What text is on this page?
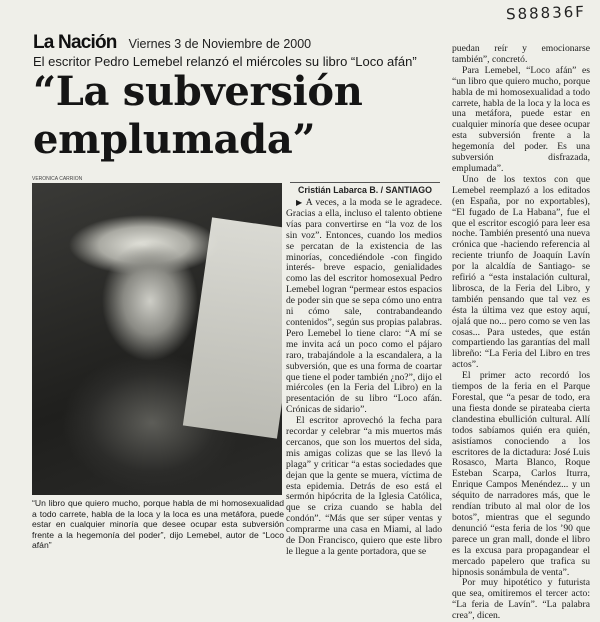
S88836F
La Nación Viernes 3 de Noviembre de 2000
El escritor Pedro Lemebel relanzó el miércoles su libro “Loco afán”
“La subversión emplumada”
VERONICA CARRION
“Un libro que quiero mucho, porque habla de mi homosexualidad a todo carrete, habla de la loca y la loca es una metáfora, puede estar en cualquier minoría que desee ocupar esta subversión frente a la hegemonía del poder”, dijo Lemebel, autor de “Loco afán”
Cristián Labarca B. / SANTIAGO

▶ A veces, a la moda se le agradece. Gracias a ella, incluso el talento obtiene vías para convertirse en “la voz de los sin voz”. Entonces, cuando los medios se percatan de la existencia de las minorías, concediéndole -con fingido interés- breve espacio, genialidades como las del escritor homosexual Pedro Lemebel logran “permear estos espacios de poder sin que se sepa cómo uno entra ni cómo sale, contrabandeando contenidos”, según sus propias palabras. Pero Lemebel lo tiene claro: “A mí se me invita acá un poco como el pájaro raro, trabajándole a la escandalera, a la subversión, que es una forma de coartar que tiene el poder también ¿no?”, dijo el miércoles (en la Feria del Libro) en la presentación de su libro “Loco afán. Crónicas de sidario”.

El escritor aprovechó la fecha para recordar y celebrar “a mis muertos más cercanos, que son los muertos del sida, mis amigas colizas que se las llevó la plaga” y criticar “a estas sociedades que dejan que la gente se muera, víctima de esta epidemia. Detrás de eso está el sermón hipócrita de la Iglesia Católica, que se criza cuando se habla del condón”. “Más que ser súper ventas y comprarme una casa en Miami, al lado de Don Francisco, quiero que este libro le llegue a la gente portadora, que se

puedan reír y emocionarse también”, concretó.

Para Lemebel, “Loco afán” es “un libro que quiero mucho, porque habla de mi homosexualidad a todo carrete, habla de la loca y la loca es una metáfora, puede estar en cualquier minoría que desee ocupar esta subversión frente a la hegemonía del poder. Es una subversión disfrazada, emplumada”.

Uno de los textos con que Lemebel reemplazó a los editados (en España, por no exportables), “El fugado de La Habana”, fue el que el escritor escogió para leer esa noche. También presentó una nueva crónica que -haciendo referencia al reciente triunfo de Joaquín Lavín por la alcaldía de Santiago- se refirió a “esta instalación cultural, librosca, de la Feria del Libro, y también pensando que tal vez es ésta la última vez que estoy aquí, ojalá que no... pero como se ven las cosas... Para ustedes, que están compartiendo las garantías del mall libreño: “La Feria del Libro en tres actos”.

El primer acto recordó los tiempos de la feria en el Parque Forestal, que “a pesar de todo, era una fiesta donde se pirateaba cierta clandestina ebullición cultural. Allí todos sabíamos quién era quién, asistíamos conociendo a los escritores de la dictadura: José Luis Rosasco, Marta Blanco, Roque Esteban Scarpa, Carlos Iturra, Enrique Campos Menéndez... y un séquito de narradores más, que le rendían tributo al mal olor de los botos”, mientras que el segundo denunció “esta feria de los ’90 que parece un gran mall, donde el libro es la excusa para propagandear el mercado papelero que trafica su hipnosis sonámbula de venta”.

Por muy hipotético y futurista que sea, omitiremos el tercer acto: “La feria de Lavín”. “La palabra crea”, dicen.
